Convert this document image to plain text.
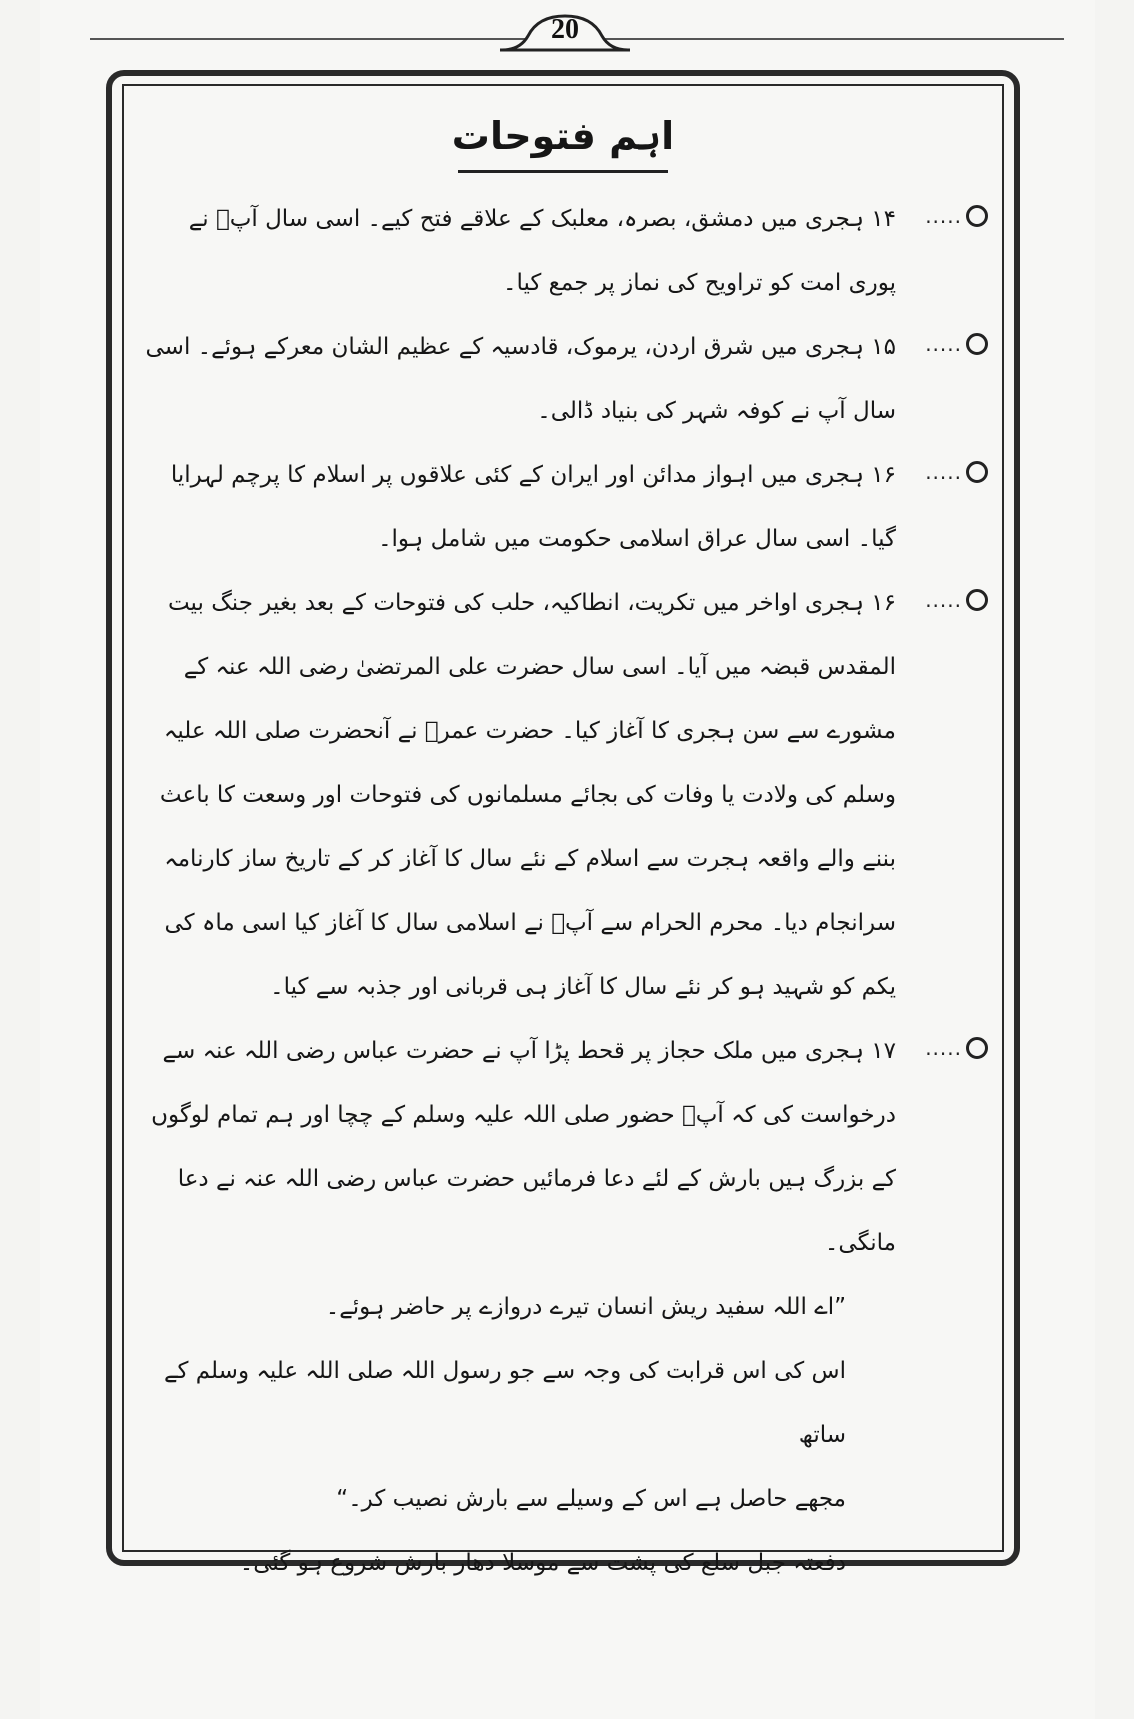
20
اہم فتوحات
.....

۱۴ ہجری میں دمشق، بصرہ، معلبک کے علاقے فتح کیے۔ اسی سال آپؓ نے پوری امت کو تراویح کی نماز پر جمع کیا۔

.....

۱۵ ہجری میں شرق اردن، یرموک، قادسیہ کے عظیم الشان معرکے ہوئے۔ اسی سال آپ نے کوفہ شہر کی بنیاد ڈالی۔

.....

۱۶ ہجری میں اہواز مدائن اور ایران کے کئی علاقوں پر اسلام کا پرچم لہرایا گیا۔ اسی سال عراق اسلامی حکومت میں شامل ہوا۔

.....

۱۶ ہجری اواخر میں تکریت، انطاکیہ، حلب کی فتوحات کے بعد بغیر جنگ بیت المقدس قبضہ میں آیا۔ اسی سال حضرت علی المرتضیٰ رضی اللہ عنہ کے مشورے سے سن ہجری کا آغاز کیا۔ حضرت عمرؓ نے آنحضرت صلی اللہ علیہ وسلم کی ولادت یا وفات کی بجائے مسلمانوں کی فتوحات اور وسعت کا باعث بننے والے واقعہ ہجرت سے اسلام کے نئے سال کا آغاز کر کے تاریخ ساز کارنامہ سرانجام دیا۔ محرم الحرام سے آپؓ نے اسلامی سال کا آغاز کیا اسی ماہ کی یکم کو شہید ہو کر نئے سال کا آغاز ہی قربانی اور جذبہ سے کیا۔

.....

۱۷ ہجری میں ملک حجاز پر قحط پڑا آپ نے حضرت عباس رضی اللہ عنہ سے درخواست کی کہ آپؓ حضور صلی اللہ علیہ وسلم کے چچا اور ہم تمام لوگوں کے بزرگ ہیں بارش کے لئے دعا فرمائیں حضرت عباس رضی اللہ عنہ نے دعا مانگی۔

”اے اللہ سفید ریش انسان تیرے دروازے پر حاضر ہوئے۔

اس کی اس قرابت کی وجہ سے جو رسول اللہ صلی اللہ علیہ وسلم کے ساتھ

مجھے حاصل ہے اس کے وسیلے سے بارش نصیب کر۔“

دفعتہ جبل سلع کی پشت سے موسلا دھار بارش شروع ہو گئی۔
